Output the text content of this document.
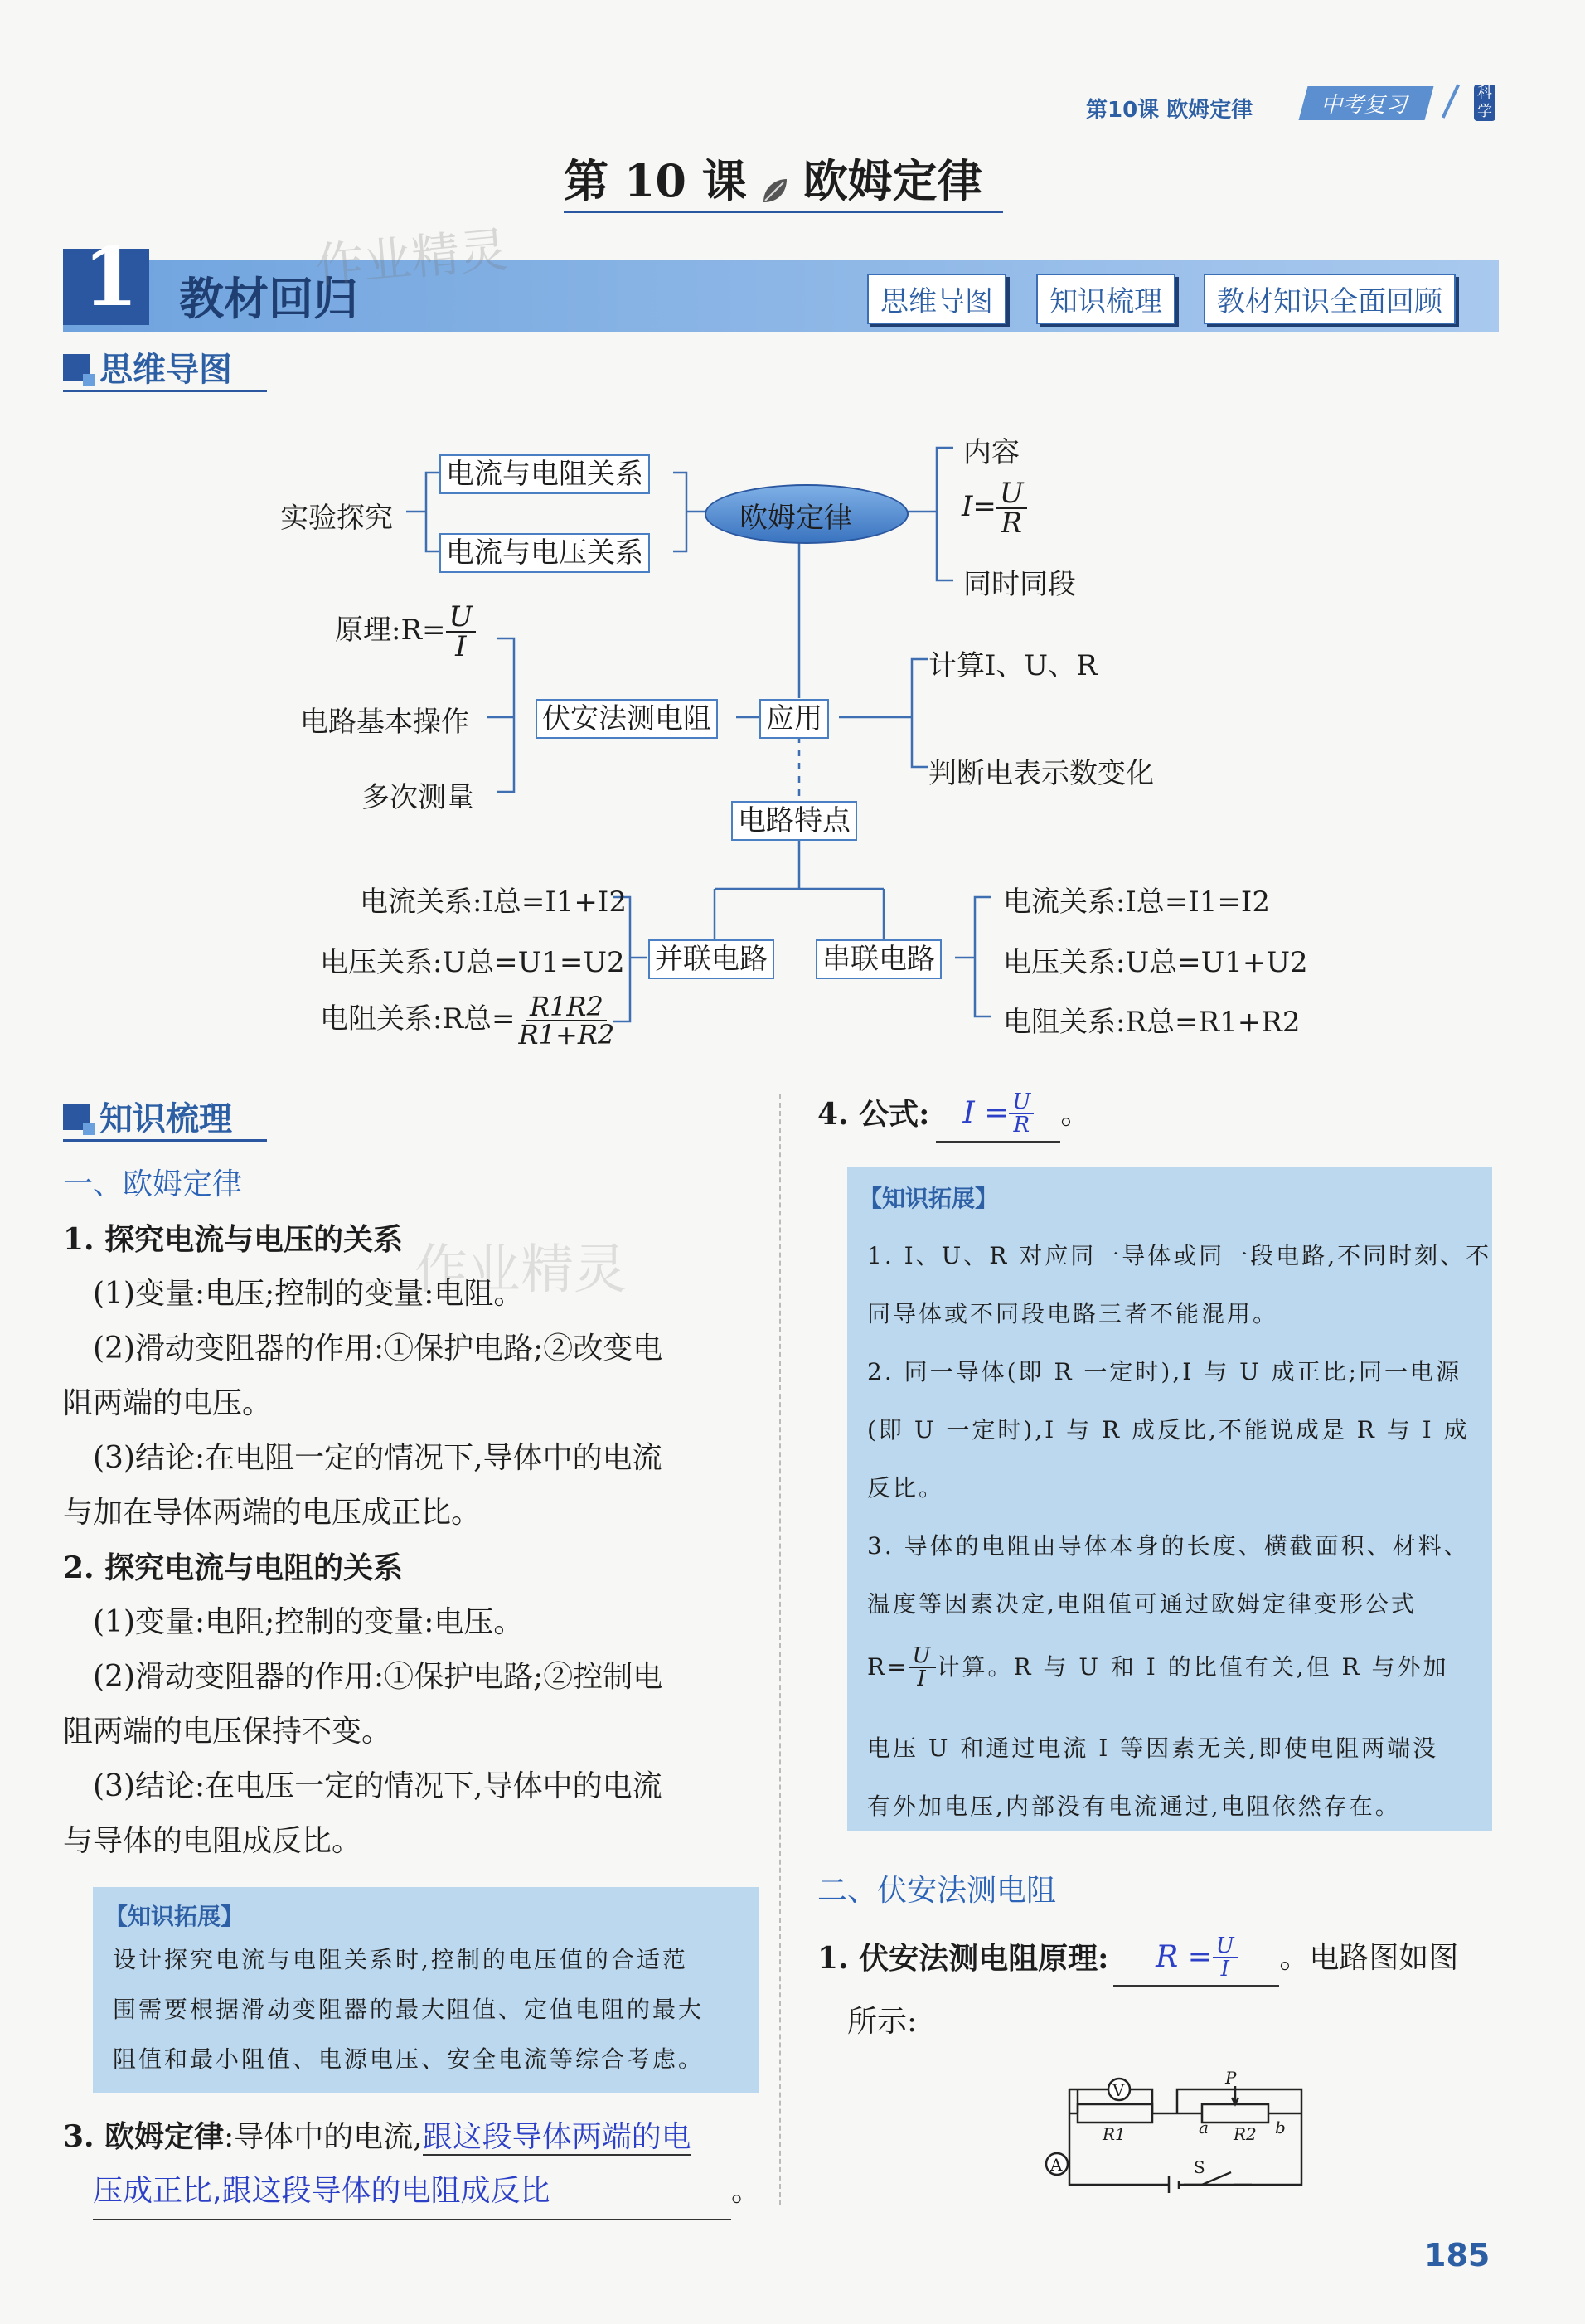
第10课 欧姆定律	中考复习	科学
第 10 课 欧姆定律
1 教材回归
作业精灵
思维导图	知识梳理	教材知识全面回顾
思维导图
实验探究
电流与电阻关系
电流与电压关系
欧姆定律
内容
$I= \frac{U}{R}$
同时同段
原理:R= $\frac{U}{I}$
电路基本操作
多次测量
伏安法测电阻 应用
计算I、U、R
判断电表示数变化
电路特点
并联电路 串联电路
电流关系:I总=I1+I2
电压关系:U总=U1=U2
电阻关系:R总= $\frac{R1R2}{R1+R2}$
电流关系:I总=I1=I2
电压关系:U总=U1+U2
电阻关系:R总=R1+R2
知识梳理
一、欧姆定律
1. 探究电流与电压的关系 作业精灵
(1)变量:电压;控制的变量:电阻。
(2)滑动变阻器的作用:①保护电路;②改变电
阻两端的电压。
(3)结论:在电阻一定的情况下,导体中的电流
与加在导体两端的电压成正比。
2. 探究电流与电阻的关系
(1)变量:电阻;控制的变量:电压。
(2)滑动变阻器的作用:①保护电路;②控制电
阻两端的电压保持不变。
(3)结论:在电压一定的情况下,导体中的电流
与导体的电阻成反比。
【知识拓展】
设计探究电流与电阻关系时,控制的电压值的合适范
围需要根据滑动变阻器的最大阻值、定值电阻的最大
阻值和最小阻值、电源电压、安全电流等综合考虑。
3. 欧姆定律:导体中的电流,跟这段导体两端的电
压成正比,跟这段导体的电阻成反比	。
4. 公式: $I = \frac{U}{R}$ 。
【知识拓展】
1. I、U、R 对应同一导体或同一段电路,不同时刻、不
同导体或不同段电路三者不能混用。
2. 同一导体(即 R 一定时),I 与 U 成正比;同一电源
(即 U 一定时),I 与 R 成反比,不能说成是 R 与 I 成
反比。
3. 导体的电阻由导体本身的长度、横截面积、材料、
温度等因素决定,电阻值可通过欧姆定律变形公式
$R= \frac{U}{I}$ 计算。R 与 U 和 I 的比值有关,但 R 与外加
电压 U 和通过电流 I 等因素无关,即使电阻两端没
有外加电压,内部没有电流通过,电阻依然存在。
二、伏安法测电阻
1. 伏安法测电阻原理: $R = \frac{U}{I}$ 。电路图如图
所示:
V
A
R1	R2
P
a	b
S
185
